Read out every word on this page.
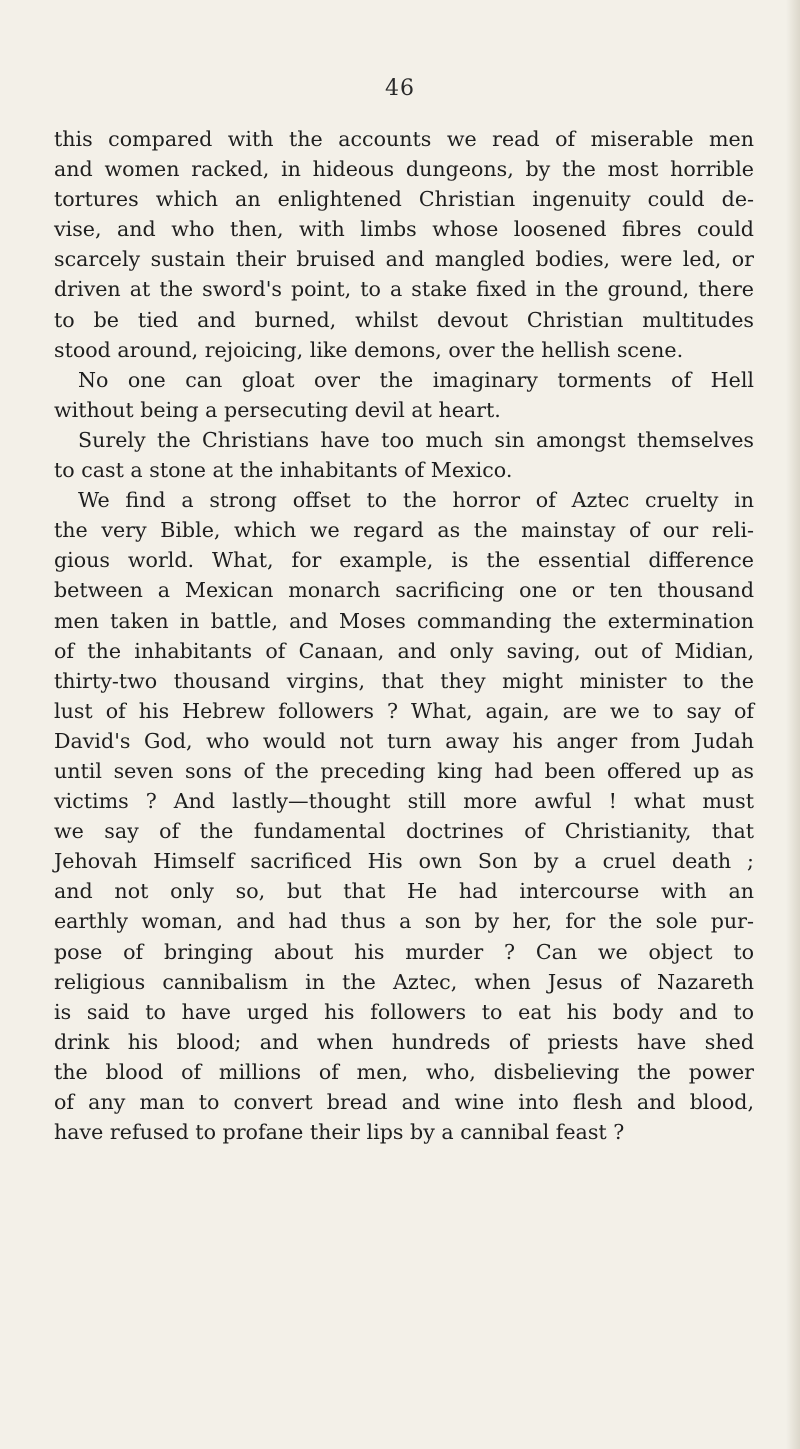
46
this compared with the accounts we read of miserable men
and women racked, in hideous dungeons, by the most horrible
tortures which an enlightened Christian ingenuity could de-
vise, and who then, with limbs whose loosened fibres could
scarcely sustain their bruised and mangled bodies, were led, or
driven at the sword's point, to a stake fixed in the ground, there
to be tied and burned, whilst devout Christian multitudes
stood around, rejoicing, like demons, over the hellish scene.
No one can gloat over the imaginary torments of Hell
without being a persecuting devil at heart.
Surely the Christians have too much sin amongst themselves
to cast a stone at the inhabitants of Mexico.
We find a strong offset to the horror of Aztec cruelty in
the very Bible, which we regard as the mainstay of our reli-
gious world. What, for example, is the essential difference
between a Mexican monarch sacrificing one or ten thousand
men taken in battle, and Moses commanding the extermination
of the inhabitants of Canaan, and only saving, out of Midian,
thirty-two thousand virgins, that they might minister to the
lust of his Hebrew followers ? What, again, are we to say of
David's God, who would not turn away his anger from Judah
until seven sons of the preceding king had been offered up as
victims ? And lastly—thought still more awful ! what must
we say of the fundamental doctrines of Christianity, that
Jehovah Himself sacrificed His own Son by a cruel death ;
and not only so, but that He had intercourse with an
earthly woman, and had thus a son by her, for the sole pur-
pose of bringing about his murder ? Can we object to
religious cannibalism in the Aztec, when Jesus of Nazareth
is said to have urged his followers to eat his body and to
drink his blood; and when hundreds of priests have shed
the blood of millions of men, who, disbelieving the power
of any man to convert bread and wine into flesh and blood,
have refused to profane their lips by a cannibal feast ?
